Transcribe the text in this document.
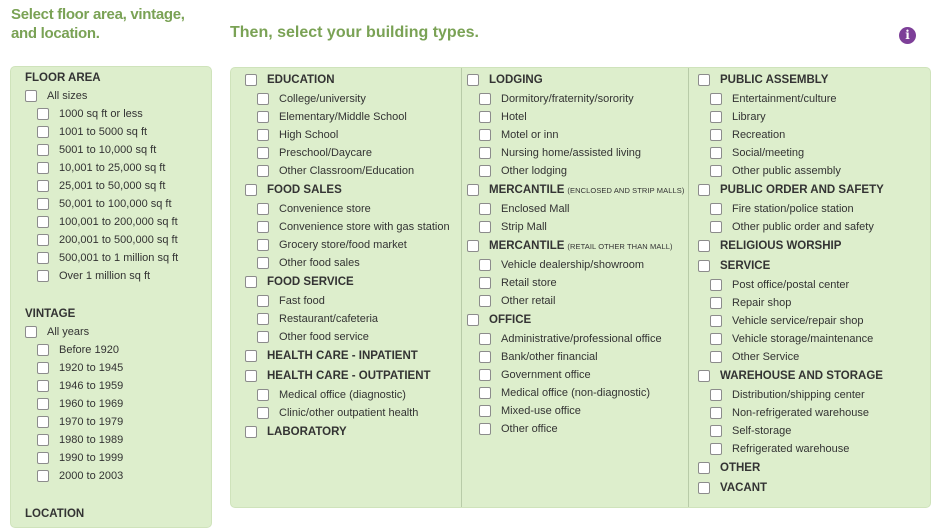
Select floor area, vintage,
and location.	Then, select your building types.	i
FLOOR AREA
All sizes
1000 sq ft or less
1001 to 5000 sq ft
5001 to 10,000 sq ft
10,001 to 25,000 sq ft
25,001 to 50,000 sq ft
50,001 to 100,000 sq ft
100,001 to 200,000 sq ft
200,001 to 500,000 sq ft
500,001 to 1 million sq ft
Over 1 million sq ft
VINTAGE
All years
Before 1920
1920 to 1945
1946 to 1959
1960 to 1969
1970 to 1979
1980 to 1989
1990 to 1999
2000 to 2003
LOCATION
EDUCATION
College/university
Elementary/Middle School
High School
Preschool/Daycare
Other Classroom/Education
FOOD SALES
Convenience store
Convenience store with gas station
Grocery store/food market
Other food sales
FOOD SERVICE
Fast food
Restaurant/cafeteria
Other food service
HEALTH CARE - INPATIENT
HEALTH CARE - OUTPATIENT
Medical office (diagnostic)
Clinic/other outpatient health
LABORATORY
LODGING
Dormitory/fraternity/sorority
Hotel
Motel or inn
Nursing home/assisted living
Other lodging
MERCANTILE (ENCLOSED AND STRIP MALLS)
Enclosed Mall
Strip Mall
MERCANTILE (RETAIL OTHER THAN MALL)
Vehicle dealership/showroom
Retail store
Other retail
OFFICE
Administrative/professional office
Bank/other financial
Government office
Medical office (non-diagnostic)
Mixed-use office
Other office
PUBLIC ASSEMBLY
Entertainment/culture
Library
Recreation
Social/meeting
Other public assembly
PUBLIC ORDER AND SAFETY
Fire station/police station
Other public order and safety
RELIGIOUS WORSHIP
SERVICE
Post office/postal center
Repair shop
Vehicle service/repair shop
Vehicle storage/maintenance
Other Service
WAREHOUSE AND STORAGE
Distribution/shipping center
Non-refrigerated warehouse
Self-storage
Refrigerated warehouse
OTHER
VACANT
